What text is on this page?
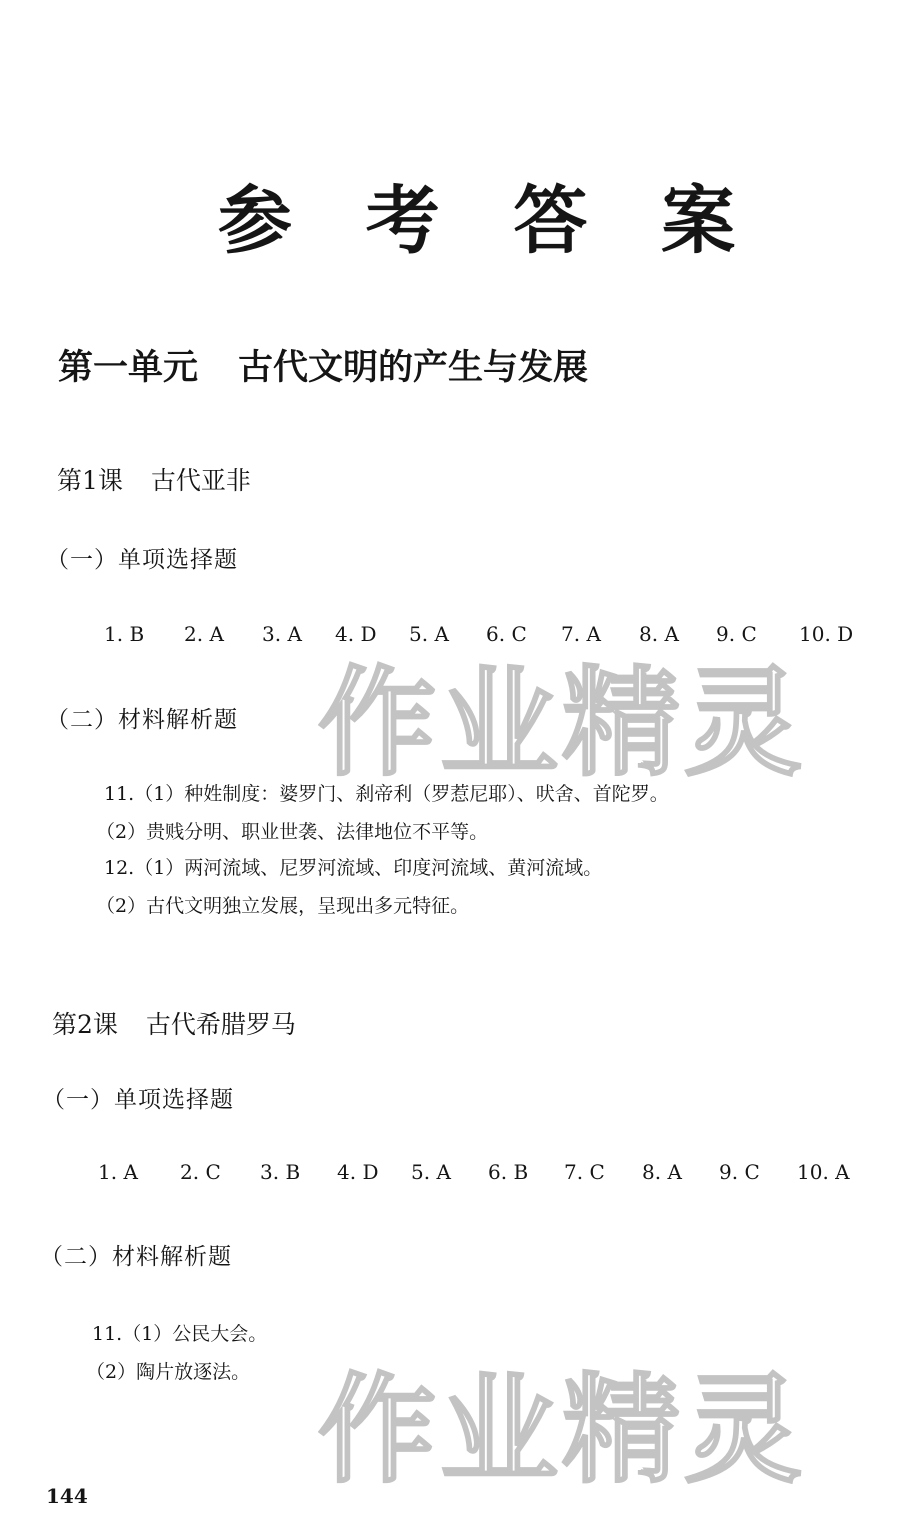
作业精灵
作业精灵
参 考 答 案
第一单元 古代文明的产生与发展
第1课 古代亚非
（一）单项选择题
1. B 2. A 3. A 4. D 5. A 6. C 7. A 8. A 9. C 10. D
（二）材料解析题
11.（1）种姓制度：婆罗门、刹帝利（罗惹尼耶）、吠舍、首陀罗。
（2）贵贱分明、职业世袭、法律地位不平等。
12.（1）两河流域、尼罗河流域、印度河流域、黄河流域。
（2）古代文明独立发展，呈现出多元特征。
第2课 古代希腊罗马
（一）单项选择题
1. A 2. C 3. B 4. D 5. A 6. B 7. C 8. A 9. C 10. A
（二）材料解析题
11.（1）公民大会。
（2）陶片放逐法。
144
